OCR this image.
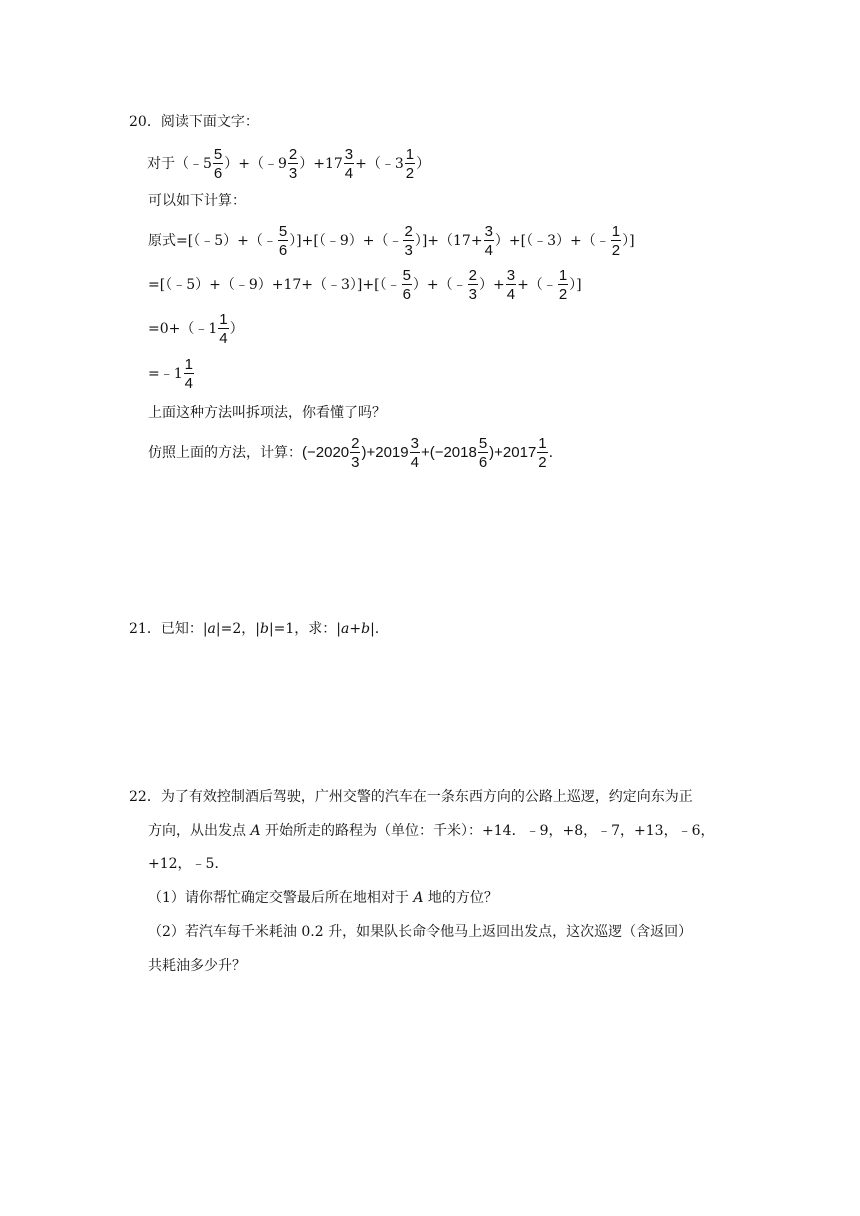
20．阅读下面文字：
对于（﹣5 $\frac{5}{6}$ ）+（﹣9 $\frac{2}{3} )+17 \frac{3}{4}$ +（﹣3 $\frac{1}{2}$ ）
可以如下计算：
原式=[（﹣5）+（﹣ $\frac{5}{6}$ ）]+[（﹣9）+（﹣ $\frac{2}{3} )]+(17+ \frac{3}{4}$ ）+[（﹣3）+（﹣ $\frac{1}{2}$ ）]
=[（﹣5）+（﹣9）+17+（﹣3）]+[（﹣ $\frac{5}{6}$ ）+（﹣ $\frac{2}{3}$ ）+ $\frac{3}{4}$ +（﹣ $\frac{1}{2}$ ）]
=0+（﹣1 $\frac{1}{4}$ ）
=﹣1 $\frac{1}{4}$
上面这种方法叫拆项法，你看懂了吗？
仿照上面的方法，计算：$(-2020 \frac{2}{3} )+2019 \frac{3}{4} +(-2018 \frac{5}{6} )+2017 \frac{1}{2}$ .
21．已知：|a|=2，|b|=1，求：|a+b|.
22．为了有效控制酒后驾驶，广州交警的汽车在一条东西方向的公路上巡逻，约定向东为正
方向，从出发点 A 开始所走的路程为（单位：千米）：+14．﹣9，+8，﹣7，+13，﹣6，
+12，﹣5．
（1）请你帮忙确定交警最后所在地相对于 A 地的方位？
（2）若汽车每千米耗油 0.2 升，如果队长命令他马上返回出发点，这次巡逻（含返回）
共耗油多少升？
